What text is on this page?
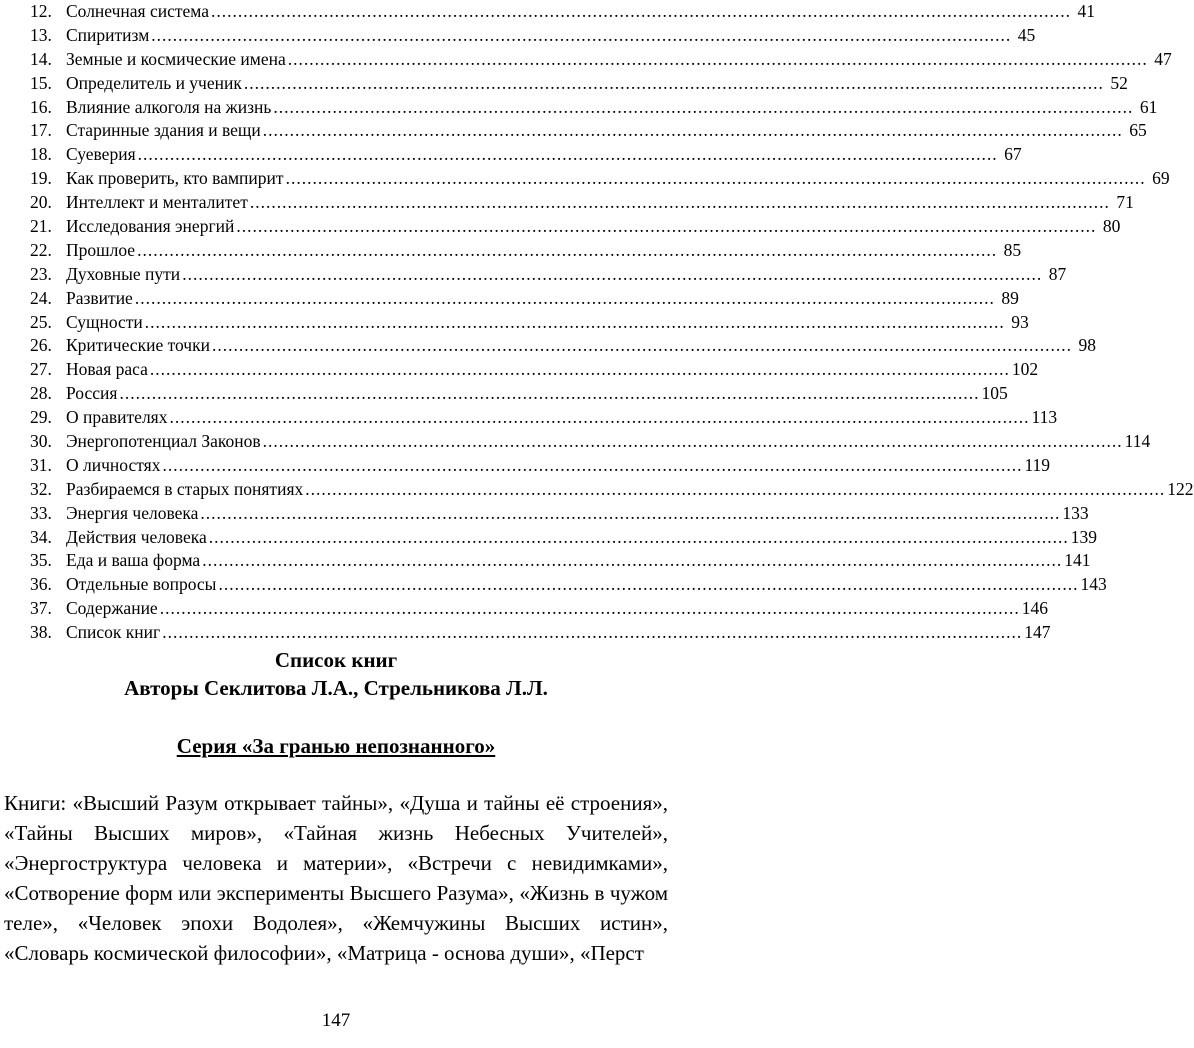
12. Солнечная система ................................................................................................................................................................ 41
13. Спиритизм ................................................................................................................................................................ 45
14. Земные и космические имена ................................................................................................................................................................ 47
15. Определитель и ученик ................................................................................................................................................................ 52
16. Влияние алкоголя на жизнь ................................................................................................................................................................ 61
17. Старинные здания и вещи ................................................................................................................................................................ 65
18. Суеверия ................................................................................................................................................................ 67
19. Как проверить, кто вампирит ................................................................................................................................................................ 69
20. Интеллект и менталитет ................................................................................................................................................................ 71
21. Исследования энергий ................................................................................................................................................................ 80
22. Прошлое ................................................................................................................................................................ 85
23. Духовные пути ................................................................................................................................................................ 87
24. Развитие ................................................................................................................................................................ 89
25. Сущности ................................................................................................................................................................ 93
26. Критические точки ................................................................................................................................................................ 98
27. Новая раса ................................................................................................................................................................ 102
28. Россия ................................................................................................................................................................ 105
29. О правителях ................................................................................................................................................................ 113
30. Энергопотенциал Законов ................................................................................................................................................................ 114
31. О личностях ................................................................................................................................................................ 119
32. Разбираемся в старых понятиях ................................................................................................................................................................ 122
33. Энергия человека ................................................................................................................................................................ 133
34. Действия человека ................................................................................................................................................................ 139
35. Еда и ваша форма ................................................................................................................................................................ 141
36. Отдельные вопросы ................................................................................................................................................................ 143
37. Содержание ................................................................................................................................................................ 146
38. Список книг ................................................................................................................................................................ 147
Список книг
Авторы Секлитова Л.А., Стрельникова Л.Л.
Серия «За гранью непознанного»
Книги: «Высший Разум открывает тайны», «Душа и тайны её строения», «Тайны Высших миров», «Тайная жизнь Небесных Учителей», «Энергоструктура человека и материи», «Встречи с невидимками», «Сотворение форм или эксперименты Высшего Разума», «Жизнь в чужом теле», «Человек эпохи Водолея», «Жемчужины Высших истин», «Словарь космической философии», «Матрица - основа души», «Перст
147
